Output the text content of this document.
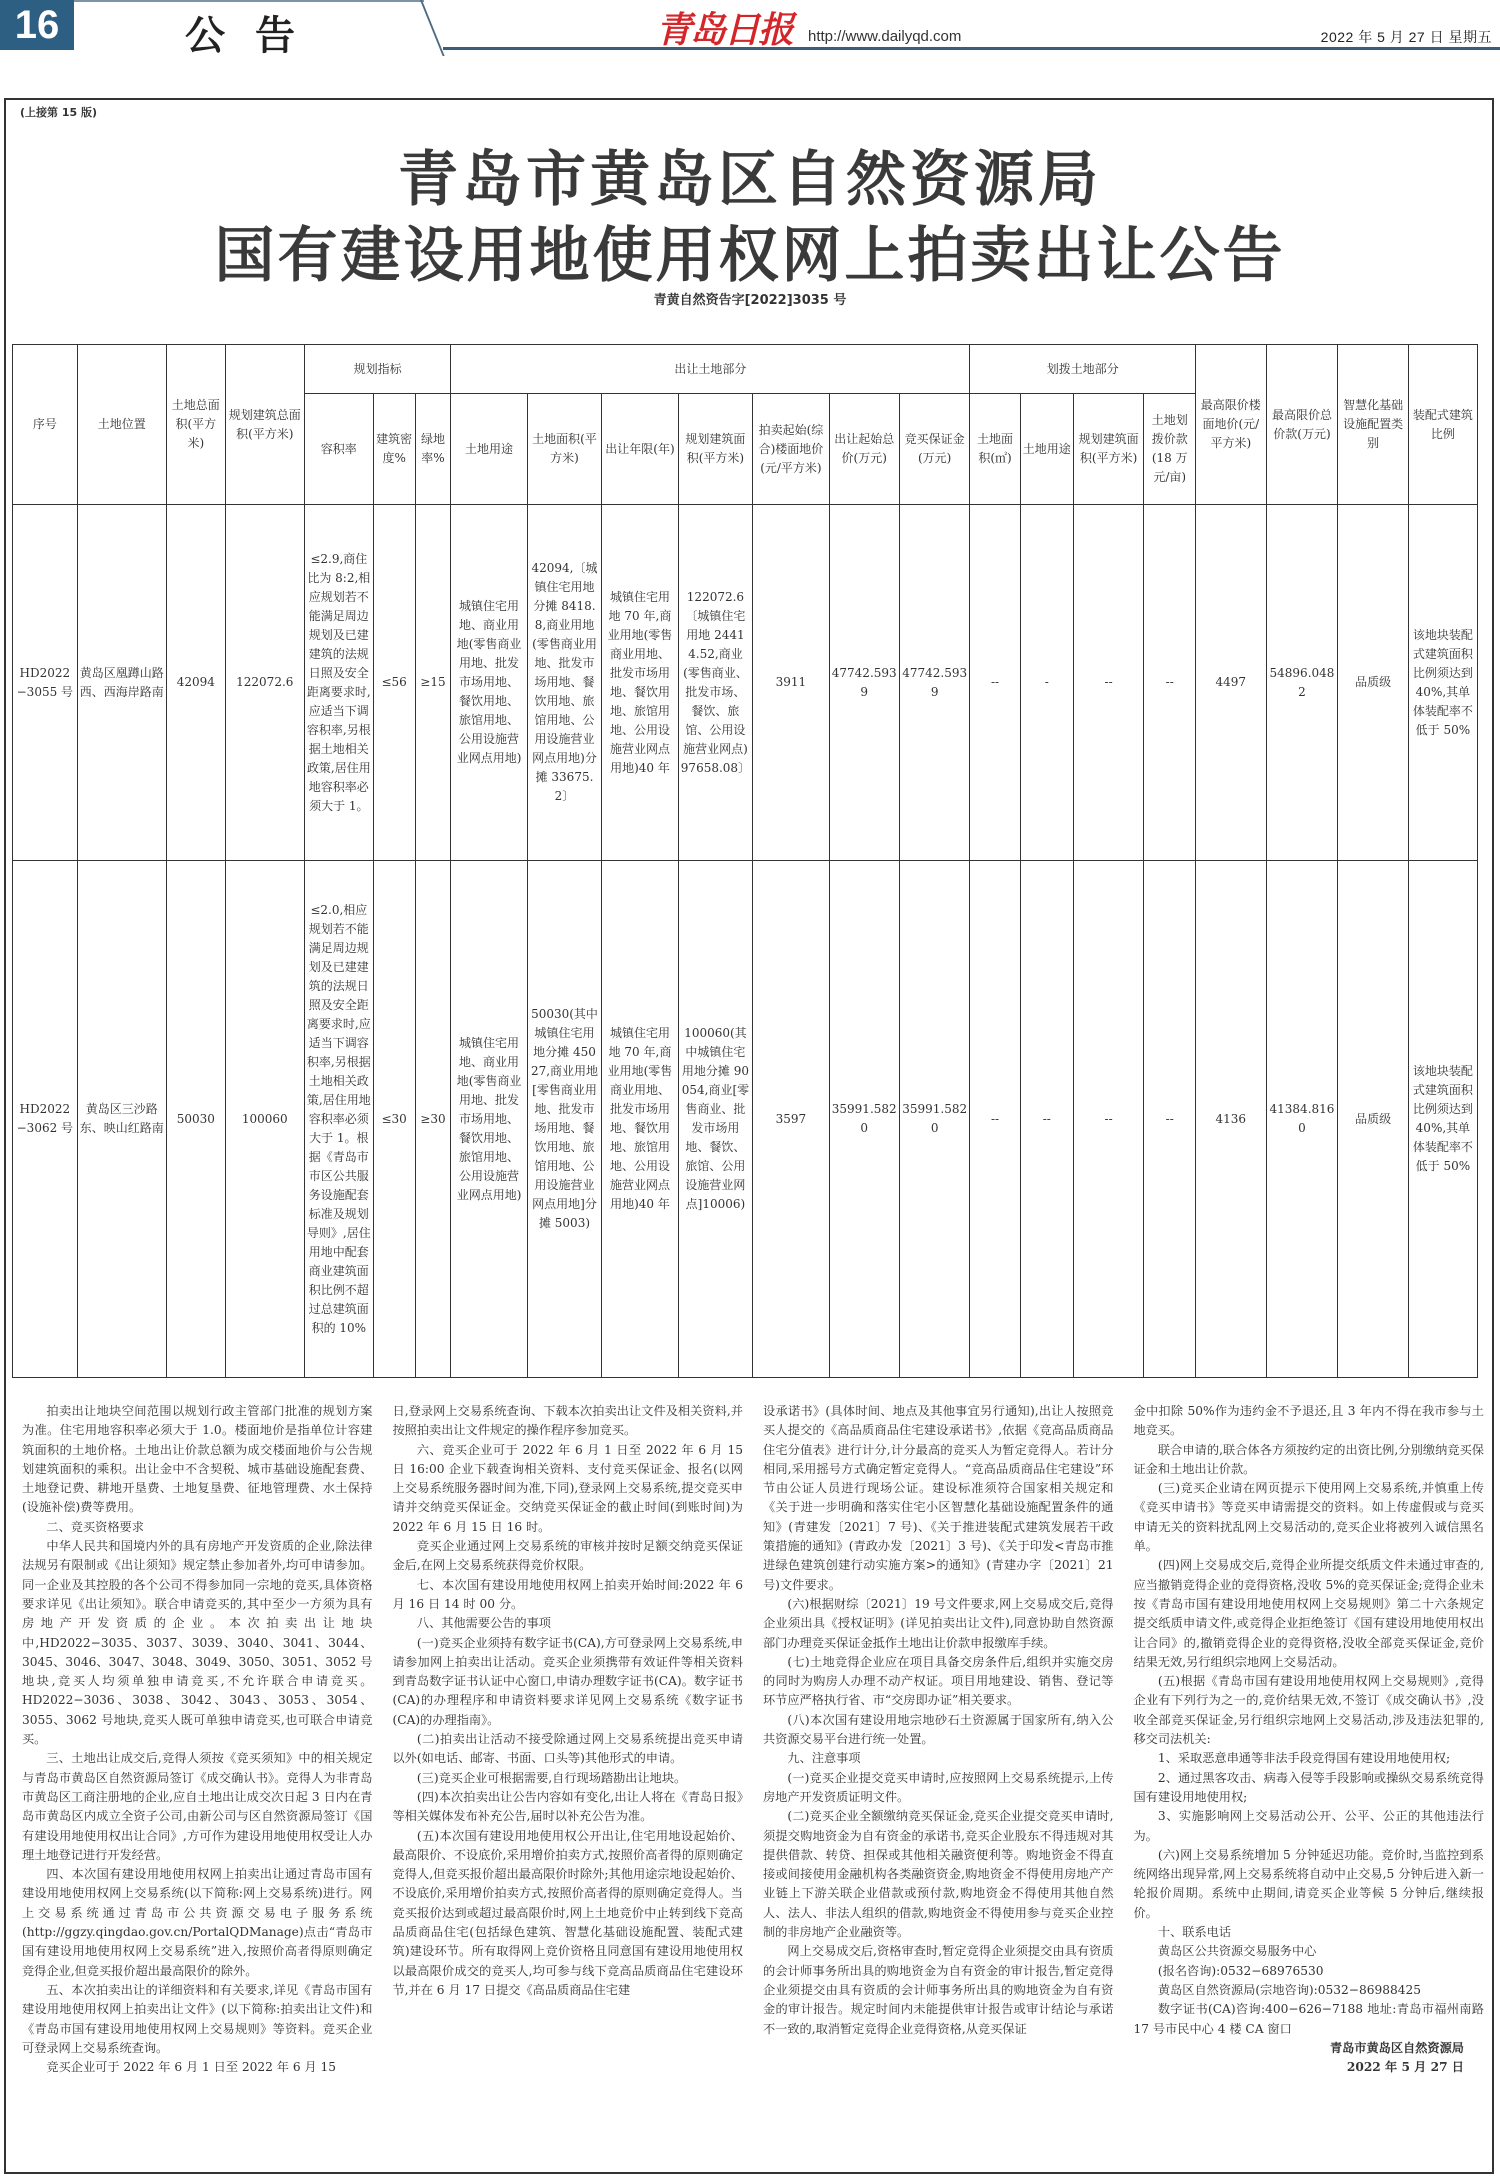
16	公告	青岛日报 http://www.dailyqd.com	2022 年 5 月 27 日 星期五
(上接第 15 版)
青岛市黄岛区自然资源局
国有建设用地使用权网上拍卖出让公告
青黄自然资告字[2022]3035 号
序号	土地位置	土地总面积(平方米)	规划建筑总面积(平方米)	规划指标			出让土地部分							划拨土地部分				最高限价楼面地价(元/平方米)	最高限价总价款(万元)	智慧化基础设施配置类别	装配式建筑比例
				容积率	建筑密度%	绿地率%	土地用途	土地面积(平方米)	出让年限(年)	规划建筑面积(平方米)	拍卖起始(综合)楼面地价(元/平方米)	出让起始总价(万元)	竞买保证金(万元)	土地面积(㎡)	土地用途	规划建筑面积(平方米)	土地划拨价款(18 万元/亩)				
HD2022−3055 号	黄岛区凰蹲山路西、西海岸路南	42094	122072.6	≤2.9,商住比为 8:2,相应规划若不能满足周边规划及已建建筑的法规日照及安全距离要求时,应适当下调容积率,另根据土地相关政策,居住用地容积率必须大于 1。	≤56	≥15	城镇住宅用地、商业用地(零售商业用地、批发市场用地、餐饮用地、旅馆用地、公用设施营业网点用地)	42094,〔城镇住宅用地分摊 8418.8,商业用地(零售商业用地、批发市场用地、餐饮用地、旅馆用地、公用设施营业网点用地)分摊 33675.2〕	城镇住宅用地 70 年,商业用地(零售商业用地、批发市场用地、餐饮用地、旅馆用地、公用设施营业网点用地)40 年	122072.6〔城镇住宅用地 24414.52,商业(零售商业、批发市场、餐饮、旅馆、公用设施营业网点)97658.08〕	3911	47742.5939	47742.5939	--	-	--	--	4497	54896.0482	品质级	该地块装配式建筑面积比例须达到 40%,其单体装配率不低于 50%
HD2022−3062 号	黄岛区三沙路东、映山红路南	50030	100060	≤2.0,相应规划若不能满足周边规划及已建建筑的法规日照及安全距离要求时,应适当下调容积率,另根据土地相关政策,居住用地容积率必须大于 1。根据《青岛市市区公共服务设施配套标准及规划导则》,居住用地中配套商业建筑面积比例不超过总建筑面积的 10%	≤30	≥30	城镇住宅用地、商业用地(零售商业用地、批发市场用地、餐饮用地、旅馆用地、公用设施营业网点用地)	50030(其中城镇住宅用地分摊 45027,商业用地[零售商业用地、批发市场用地、餐饮用地、旅馆用地、公用设施营业网点用地]分摊 5003)	城镇住宅用地 70 年,商业用地(零售商业用地、批发市场用地、餐饮用地、旅馆用地、公用设施营业网点用地)40 年	100060(其中城镇住宅用地分摊 90054,商业[零售商业、批发市场用地、餐饮、旅馆、公用设施营业网点]10006)	3597	35991.5820	35991.5820	--	--	--	--	4136	41384.8160	品质级	该地块装配式建筑面积比例须达到 40%,其单体装配率不低于 50%

拍卖出让地块空间范围以规划行政主管部门批准的规划方案为准。住宅用地容积率必须大于 1.0。楼面地价是指单位计容建筑面积的土地价格。土地出让价款总额为成交楼面地价与公告规划建筑面积的乘积。出让金中不含契税、城市基础设施配套费、土地登记费、耕地开垦费、土地复垦费、征地管理费、水土保持(设施补偿)费等费用。

二、竞买资格要求

中华人民共和国境内外的具有房地产开发资质的企业,除法律法规另有限制或《出让须知》规定禁止参加者外,均可申请参加。同一企业及其控股的各个公司不得参加同一宗地的竞买,具体资格要求详见《出让须知》。联合申请竞买的,其中至少一方须为具有房地产开发资质的企业。本次拍卖出让地块中,HD2022−3035、3037、3039、3040、3041、3044、3045、3046、3047、3048、3049、3050、3051、3052 号地块,竞买人均须单独申请竞买,不允许联合申请竞买。HD2022−3036、3038、3042、3043、3053、3054、3055、3062 号地块,竞买人既可单独申请竞买,也可联合申请竞买。

三、土地出让成交后,竞得人须按《竞买须知》中的相关规定与青岛市黄岛区自然资源局签订《成交确认书》。竞得人为非青岛市黄岛区工商注册地的企业,应自土地出让成交次日起 3 日内在青岛市黄岛区内成立全资子公司,由新公司与区自然资源局签订《国有建设用地使用权出让合同》,方可作为建设用地使用权受让人办理土地登记进行开发经营。

四、本次国有建设用地使用权网上拍卖出让通过青岛市国有建设用地使用权网上交易系统(以下简称:网上交易系统)进行。网上交易系统通过青岛市公共资源交易电子服务系统(http://ggzy.qingdao.gov.cn/PortalQDManage)点击“青岛市国有建设用地使用权网上交易系统”进入,按照价高者得原则确定竞得企业,但竞买报价超出最高限价的除外。

五、本次拍卖出让的详细资料和有关要求,详见《青岛市国有建设用地使用权网上拍卖出让文件》(以下简称:拍卖出让文件)和《青岛市国有建设用地使用权网上交易规则》等资料。竞买企业可登录网上交易系统查询。

竞买企业可于 2022 年 6 月 1 日至 2022 年 6 月 15

日,登录网上交易系统查询、下载本次拍卖出让文件及相关资料,并按照拍卖出让文件规定的操作程序参加竞买。

六、竞买企业可于 2022 年 6 月 1 日至 2022 年 6 月 15 日 16:00 企业下载查询相关资料、支付竞买保证金、报名(以网上交易系统服务器时间为准,下同),登录网上交易系统,提交竞买申请并交纳竞买保证金。交纳竞买保证金的截止时间(到账时间)为 2022 年 6 月 15 日 16 时。

竞买企业通过网上交易系统的审核并按时足额交纳竞买保证金后,在网上交易系统获得竞价权限。

七、本次国有建设用地使用权网上拍卖开始时间:2022 年 6 月 16 日 14 时 00 分。

八、其他需要公告的事项

(一)竞买企业须持有数字证书(CA),方可登录网上交易系统,申请参加网上拍卖出让活动。竞买企业须携带有效证件等相关资料到青岛数字证书认证中心窗口,申请办理数字证书(CA)。数字证书(CA)的办理程序和申请资料要求详见网上交易系统《数字证书(CA)的办理指南》。

(二)拍卖出让活动不接受除通过网上交易系统提出竞买申请以外(如电话、邮寄、书面、口头等)其他形式的申请。

(三)竞买企业可根据需要,自行现场踏勘出让地块。

(四)本次拍卖出让公告内容如有变化,出让人将在《青岛日报》等相关媒体发布补充公告,届时以补充公告为准。

(五)本次国有建设用地使用权公开出让,住宅用地设起始价、最高限价、不设底价,采用增价拍卖方式,按照价高者得的原则确定竞得人,但竞买报价超出最高限价时除外;其他用途宗地设起始价、不设底价,采用增价拍卖方式,按照价高者得的原则确定竞得人。当竞买报价达到或超过最高限价时,网上土地竞价中止转到线下竞高品质商品住宅(包括绿色建筑、智慧化基础设施配置、装配式建筑)建设环节。所有取得网上竞价资格且同意国有建设用地使用权以最高限价成交的竞买人,均可参与线下竞高品质商品住宅建设环节,并在 6 月 17 日提交《高品质商品住宅建

设承诺书》(具体时间、地点及其他事宜另行通知),出让人按照竞买人提交的《高品质商品住宅建设承诺书》,依据《竞高品质商品住宅分值表》进行计分,计分最高的竞买人为暂定竞得人。若计分相同,采用摇号方式确定暂定竞得人。“竞高品质商品住宅建设”环节由公证人员进行现场公证。建设标准须符合国家相关规定和《关于进一步明确和落实住宅小区智慧化基础设施配置条件的通知》(青建发〔2021〕7 号)、《关于推进装配式建筑发展若干政策措施的通知》(青政办发〔2021〕3 号)、《关于印发<青岛市推进绿色建筑创建行动实施方案>的通知》(青建办字〔2021〕21 号)文件要求。

(六)根据财综〔2021〕19 号文件要求,网上交易成交后,竞得企业须出具《授权证明》(详见拍卖出让文件),同意协助自然资源部门办理竞买保证金抵作土地出让价款申报缴库手续。

(七)土地竞得企业应在项目具备交房条件后,组织并实施交房的同时为购房人办理不动产权证。项目用地建设、销售、登记等环节应严格执行省、市“交房即办证”相关要求。

(八)本次国有建设用地宗地砂石土资源属于国家所有,纳入公共资源交易平台进行统一处置。

九、注意事项

(一)竞买企业提交竞买申请时,应按照网上交易系统提示,上传房地产开发资质证明文件。

(二)竞买企业全额缴纳竞买保证金,竞买企业提交竞买申请时,须提交购地资金为自有资金的承诺书,竞买企业股东不得违规对其提供借款、转贷、担保或其他相关融资便利等。购地资金不得直接或间接使用金融机构各类融资资金,购地资金不得使用房地产产业链上下游关联企业借款或预付款,购地资金不得使用其他自然人、法人、非法人组织的借款,购地资金不得使用参与竞买企业控制的非房地产企业融资等。

网上交易成交后,资格审查时,暂定竞得企业须提交由具有资质的会计师事务所出具的购地资金为自有资金的审计报告,暂定竞得企业须提交由具有资质的会计师事务所出具的购地资金为自有资金的审计报告。规定时间内未能提供审计报告或审计结论与承诺不一致的,取消暂定竞得企业竞得资格,从竞买保证

金中扣除 50%作为违约金不予退还,且 3 年内不得在我市参与土地竞买。

联合申请的,联合体各方须按约定的出资比例,分别缴纳竞买保证金和土地出让价款。

(三)竞买企业请在网页提示下使用网上交易系统,并慎重上传《竞买申请书》等竞买申请需提交的资料。如上传虚假或与竞买申请无关的资料扰乱网上交易活动的,竞买企业将被列入诚信黑名单。

(四)网上交易成交后,竞得企业所提交纸质文件未通过审查的,应当撤销竞得企业的竞得资格,没收 5%的竞买保证金;竞得企业未按《青岛市国有建设用地使用权网上交易规则》第二十六条规定提交纸质申请文件,或竞得企业拒绝签订《国有建设用地使用权出让合同》的,撤销竞得企业的竞得资格,没收全部竞买保证金,竞价结果无效,另行组织宗地网上交易活动。

(五)根据《青岛市国有建设用地使用权网上交易规则》,竞得企业有下列行为之一的,竞价结果无效,不签订《成交确认书》,没收全部竞买保证金,另行组织宗地网上交易活动,涉及违法犯罪的,移交司法机关:

1、采取恶意串通等非法手段竞得国有建设用地使用权;

2、通过黑客攻击、病毒入侵等手段影响或操纵交易系统竞得国有建设用地使用权;

3、实施影响网上交易活动公开、公平、公正的其他违法行为。

(六)网上交易系统增加 5 分钟延迟功能。竞价时,当监控到系统网络出现异常,网上交易系统将自动中止交易,5 分钟后进入新一轮报价周期。系统中止期间,请竞买企业等候 5 分钟后,继续报价。

十、联系电话

黄岛区公共资源交易服务中心

(报名咨询):0532−68976530

黄岛区自然资源局(宗地咨询):0532−86988425

数字证书(CA)咨询:400−626−7188 地址:青岛市福州南路 17 号市民中心 4 楼 CA 窗口

青岛市黄岛区自然资源局

2022 年 5 月 27 日
